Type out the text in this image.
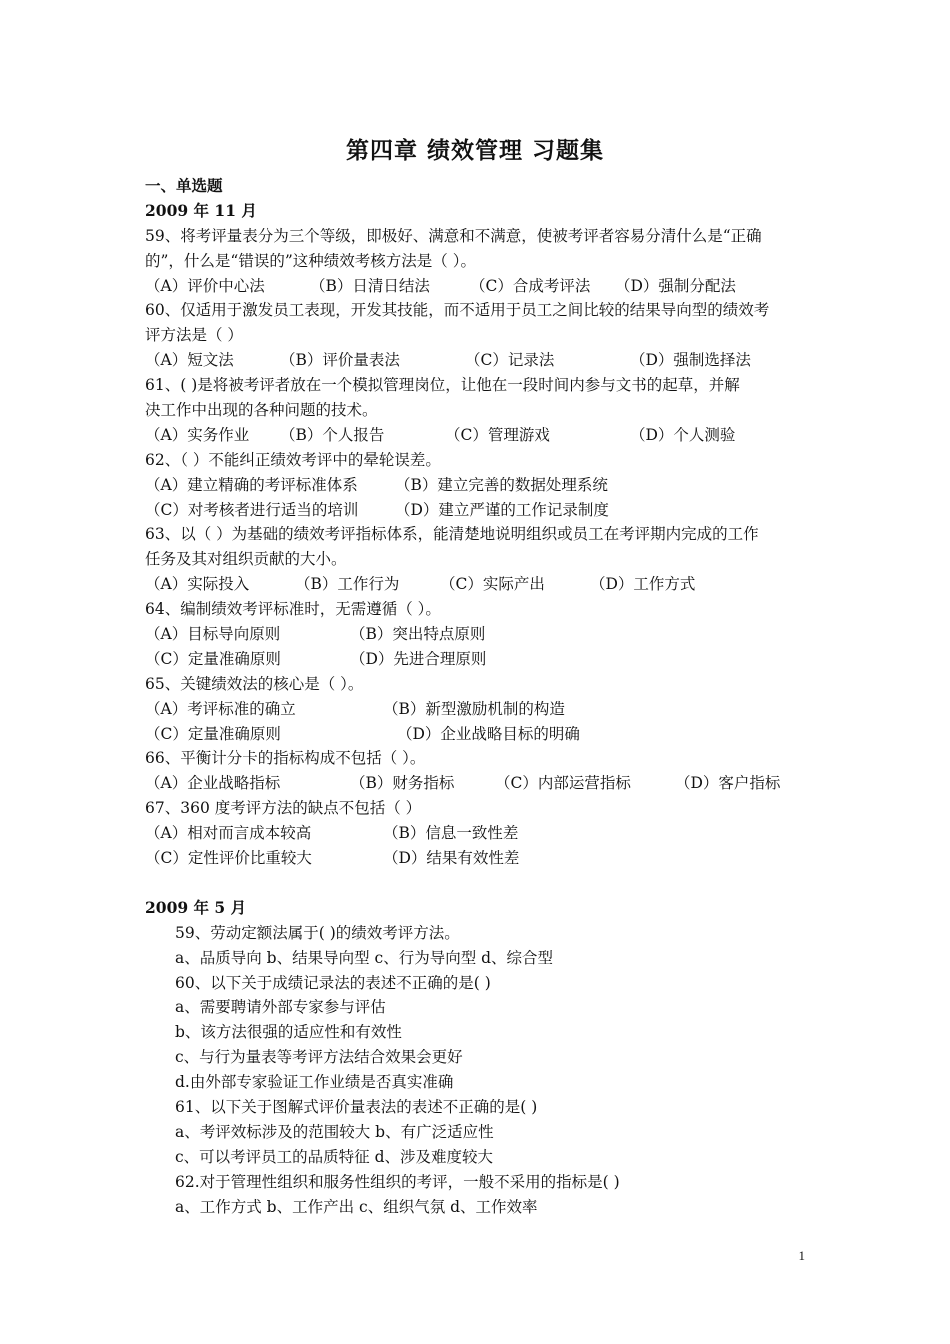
第四章 绩效管理 习题集
一、单选题
2009 年 11 月
59、将考评量表分为三个等级，即极好、满意和不满意，使被考评者容易分清什么是“正确
的”，什么是“错误的”这种绩效考核方法是（ ）。
（A）评价中心法	（B）日清日结法	（C）合成考评法	（D）强制分配法
60、仅适用于激发员工表现，开发其技能，而不适用于员工之间比较的结果导向型的绩效考
评方法是（ ）
（A）短文法	（B）评价量表法	（C）记录法	（D）强制选择法
61、( )是将被考评者放在一个模拟管理岗位，让他在一段时间内参与文书的起草，并解
决工作中出现的各种问题的技术。
（A）实务作业	（B）个人报告	（C）管理游戏	（D）个人测验
62、（ ）不能纠正绩效考评中的晕轮误差。
（A）建立精确的考评标准体系	（B）建立完善的数据处理系统
（C）对考核者进行适当的培训	（D）建立严谨的工作记录制度
63、以（ ）为基础的绩效考评指标体系，能清楚地说明组织或员工在考评期内完成的工作
任务及其对组织贡献的大小。
（A）实际投入	（B）工作行为	（C）实际产出	（D）工作方式
64、编制绩效考评标准时，无需遵循（ ）。
（A）目标导向原则	（B）突出特点原则
（C）定量准确原则	（D）先进合理原则
65、关键绩效法的核心是（ ）。
（A）考评标准的确立	（B）新型激励机制的构造
（C）定量准确原则	（D）企业战略目标的明确
66、平衡计分卡的指标构成不包括（ ）。
（A）企业战略指标	（B）财务指标	（C）内部运营指标	（D）客户指标
67、360 度考评方法的缺点不包括（ ）
（A）相对而言成本较高	（B）信息一致性差
（C）定性评价比重较大	（D）结果有效性差
2009 年 5 月
59、劳动定额法属于( )的绩效考评方法。
a、品质导向 b、结果导向型 c、行为导向型 d、综合型
60、以下关于成绩记录法的表述不正确的是( )
a、需要聘请外部专家参与评估
b、该方法很强的适应性和有效性
c、与行为量表等考评方法结合效果会更好
d.由外部专家验证工作业绩是否真实准确
61、以下关于图解式评价量表法的表述不正确的是( )
a、考评效标涉及的范围较大 b、有广泛适应性
c、可以考评员工的品质特征 d、涉及难度较大
62.对于管理性组织和服务性组织的考评，一般不采用的指标是( )
a、工作方式 b、工作产出 c、组织气氛 d、工作效率
1
